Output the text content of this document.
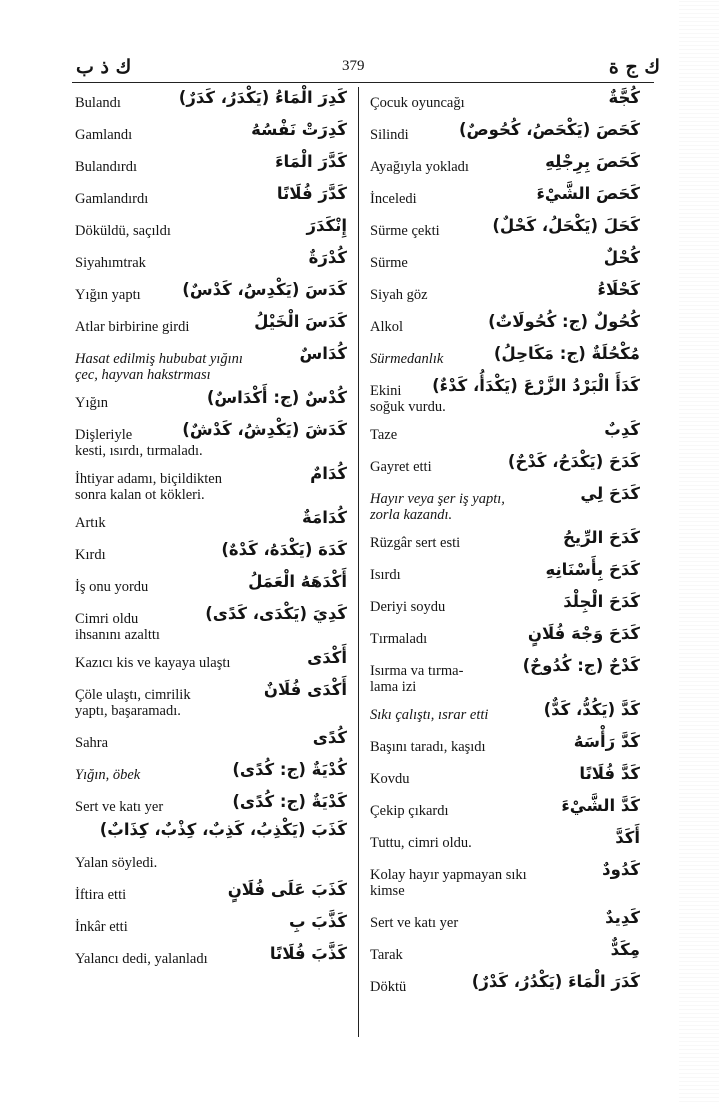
ك ذ ب	379	ك ج ة
كَدِرَ الْمَاءُ (يَكْدَرُ، كَدَرٌ)
Bulandı
كَدِرَتْ نَفْسُهُ
Gamlandı
كَدَّرَ الْمَاءَ
Bulandırdı
كَدَّرَ فُلَانًا
Gamlandırdı
إِنْكَدَرَ
Döküldü, saçıldı
كُدْرَةٌ
Siyahımtrak
كَدَسَ (يَكْدِسُ، كَدْسٌ)
Yığın yaptı
كَدَسَ الْخَيْلُ
Atlar birbirine girdi
كُدَاسٌ
Hasat edilmiş hububat yığını
çec, hayvan hakstrması
كُدْسٌ (ج: أَكْدَاسٌ)
Yığın
كَدَشَ (يَكْدِشُ، كَدْشٌ)
Dişleriyle
kesti, ısırdı, tırmaladı.
كُدَامٌ
İhtiyar adamı, biçildikten
sonra kalan ot kökleri.
كُدَامَةٌ
Artık
كَدَهَ (يَكْدَهُ، كَدْهٌ)
Kırdı
أَكْدَهَهُ الْعَمَلُ
İş onu yordu
كَدِيَ (يَكْدَى، كَدًى)
Cimri oldu
ihsanını azalttı
أَكْدَى
Kazıcı kis ve kayaya ulaştı
أَكْدَى فُلَانٌ
Çöle ulaştı, cimrilik
yaptı, başaramadı.
كُدًى
Sahra
كُدْيَةٌ (ج: كُدًى)
Yığın, öbek
كَدْيَةٌ (ج: كُدًى)
Sert ve katı yer
كَذَبَ (يَكْذِبُ، كَذِبٌ، كِذْبٌ، كِذَابٌ)
Yalan söyledi.
كَذَبَ عَلَى فُلَانٍ
İftira etti
كَذَّبَ بِ
İnkâr etti
كَذَّبَ فُلَانًا
Yalancı dedi, yalanladı
كُجَّةٌ
Çocuk oyuncağı
كَحَصَ (يَكْحَصُ، كُحُوصٌ)
Silindi
كَحَصَ بِرِجْلِهِ
Ayağıyla yokladı
كَحَصَ الشَّيْءَ
İnceledi
كَحَلَ (يَكْحَلُ، كَحْلٌ)
Sürme çekti
كُحْلٌ
Sürme
كَحْلَاءُ
Siyah göz
كُحُولٌ (ج: كُحُولَاتٌ)
Alkol
مُكْحُلَةٌ (ج: مَكَاحِلُ)
Sürmedanlık
كَدَأَ الْبَرْدُ الزَّرْعَ (يَكْدَأُ، كَدْءٌ)
Ekini
soğuk vurdu.
كَدِبٌ
Taze
كَدَحَ (يَكْدَحُ، كَدْحٌ)
Gayret etti
كَدَحَ لِي
Hayır veya şer iş yaptı,
zorla kazandı.
كَدَحَ الرِّيحُ
Rüzgâr sert esti
كَدَحَ بِأَسْنَانِهِ
Isırdı
كَدَحَ الْجِلْدَ
Deriyi soydu
كَدَحَ وَجْهَ فُلَانٍ
Tırmaladı
كَدْحٌ (ج: كُدُوحٌ)
Isırma va tırma-
lama izi
كَدَّ (يَكُدُّ، كَدٌّ)
Sıkı çalıştı, ısrar etti
كَدَّ رَأْسَهُ
Başını taradı, kaşıdı
كَدَّ فُلَانًا
Kovdu
كَدَّ الشَّيْءَ
Çekip çıkardı
أَكَدَّ
Tuttu, cimri oldu.
كَدُودٌ
Kolay hayır yapmayan sıkı
kimse
كَدِيدٌ
Sert ve katı yer
مِكَدٌّ
Tarak
كَدَرَ الْمَاءَ (يَكْدُرُ، كَدْرٌ)
Döktü
